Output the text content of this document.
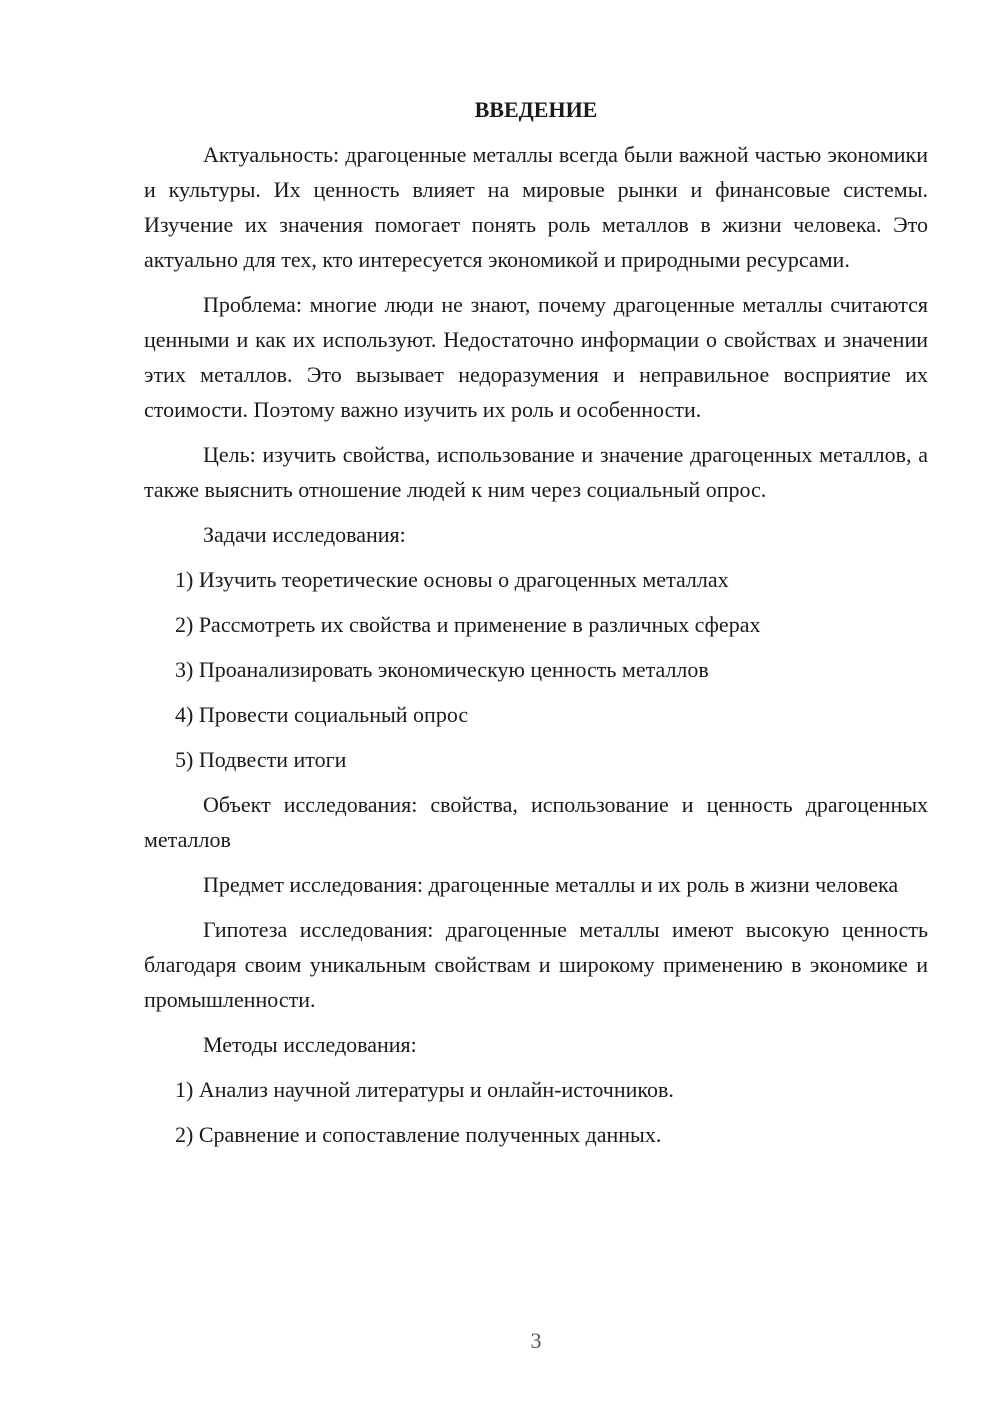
ВВЕДЕНИЕ

Актуальность: драгоценные металлы всегда были важной частью экономики и культуры. Их ценность влияет на мировые рынки и финансовые системы. Изучение их значения помогает понять роль металлов в жизни человека. Это актуально для тех, кто интересуется экономикой и природными ресурсами.

Проблема: многие люди не знают, почему драгоценные металлы считаются ценными и как их используют. Недостаточно информации о свойствах и значении этих металлов. Это вызывает недоразумения и неправильное восприятие их стоимости. Поэтому важно изучить их роль и особенности.

Цель: изучить свойства, использование и значение драгоценных металлов, а также выяснить отношение людей к ним через социальный опрос.

Задачи исследования:

1) Изучить теоретические основы о драгоценных металлах
2) Рассмотреть их свойства и применение в различных сферах
3) Проанализировать экономическую ценность металлов
4) Провести социальный опрос
5) Подвести итоги

Объект исследования: свойства, использование и ценность драгоценных металлов

Предмет исследования: драгоценные металлы и их роль в жизни человека

Гипотеза исследования: драгоценные металлы имеют высокую ценность благодаря своим уникальным свойствам и широкому применению в экономике и промышленности.

Методы исследования:

1) Анализ научной литературы и онлайн-источников.
2) Сравнение и сопоставление полученных данных.
3
